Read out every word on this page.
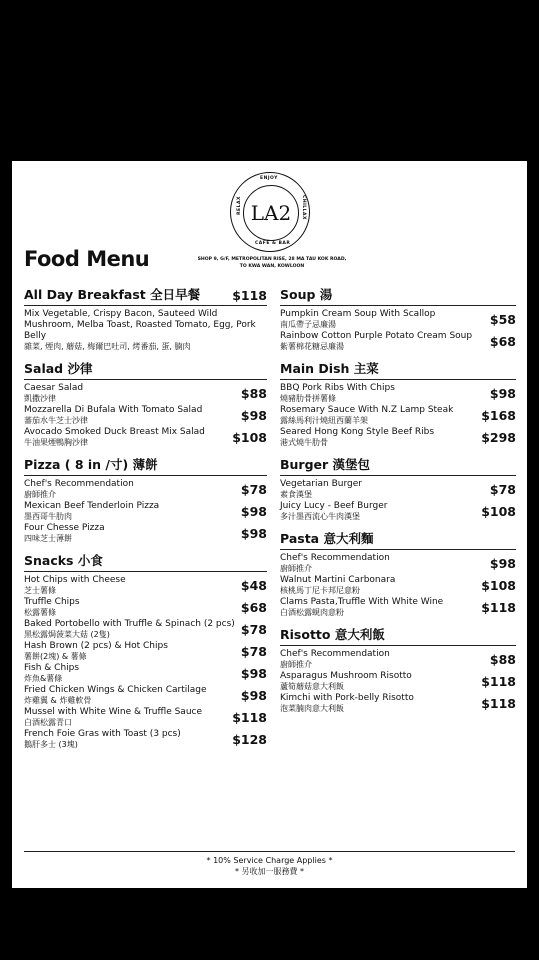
ENJOY
RELAX	CHILLAX
CAFE & BAR
LA2
SHOP 9, G/F, METROPOLITAN RISE, 28 MA TAU KOK ROAD,
TO KWA WAN, KOWLOON
Food Menu
All Day Breakfast 全日早餐	$118
Mix Vegetable, Crispy Bacon, Sauteed Wild Mushroom, Melba Toast, Roasted Tomato, Egg, Pork Belly
雜菜, 煙肉, 蘑菇, 梅爾巴吐司, 烤番茄, 蛋, 腩肉
Salad 沙律
Caesar Salad
凱撒沙律	$88
Mozzarella Di Bufala With Tomato Salad
蕃茄水牛芝士沙律	$98
Avocado Smoked Duck Breast Mix Salad
牛油果煙鴨胸沙律	$108
Pizza ( 8 in /寸) 薄餅
Chef's Recommendation
廚師推介	$78
Mexican Beef Tenderloin Pizza
墨西哥牛肋肉	$98
Four Chesse Pizza
四味芝士薄餅	$98
Snacks 小食
Hot Chips with Cheese
芝士薯條	$48
Truffle Chips
松露薯條	$68
Baked Portobello with Truffle & Spinach (2 pcs)
黑松露焗菠菜大菇 (2隻)	$78
Hash Brown (2 pcs) & Hot Chips
薯餅(2塊) & 薯條	$78
Fish & Chips
炸魚&薯條	$98
Fried Chicken Wings & Chicken Cartilage
炸雞翼 & 炸雞軟骨	$98
Mussel with White Wine & Truffle Sauce
白酒松露青口	$118
French Foie Gras with Toast (3 pcs)
鵝肝多士 (3塊)	$128
Soup 湯
Pumpkin Cream Soup With Scallop
南瓜帶子忌廉湯	$58
Rainbow Cotton Purple Potato Cream Soup
紫薯棉花糖忌廉湯	$68
Main Dish 主菜
BBQ Pork Ribs With Chips
燒豬肋骨拼薯條	$98
Rosemary Sauce With N.Z Lamp Steak
露絲馬利汁燒紐西蘭羊架	$168
Seared Hong Kong Style Beef Ribs
港式燒牛肋骨	$298
Burger 漢堡包
Vegetarian Burger
素食漢堡	$78
Juicy Lucy - Beef Burger
多汁墨西流心牛肉漢堡	$108
Pasta 意大利麵
Chef's Recommendation
廚師推介	$98
Walnut Martini Carbonara
核桃馬丁尼卡邦尼意粉	$108
Clams Pasta,Truffle With White Wine
白酒松露蜆肉意粉	$118
Risotto 意大利飯
Chef's Recommendation
廚師推介	$88
Asparagus Mushroom Risotto
蘆筍蘑菇意大利飯	$118
Kimchi with Pork-belly Risotto
泡菜腩肉意大利飯	$118
* 10% Service Charge Applies *
* 另收加一服務費 *
